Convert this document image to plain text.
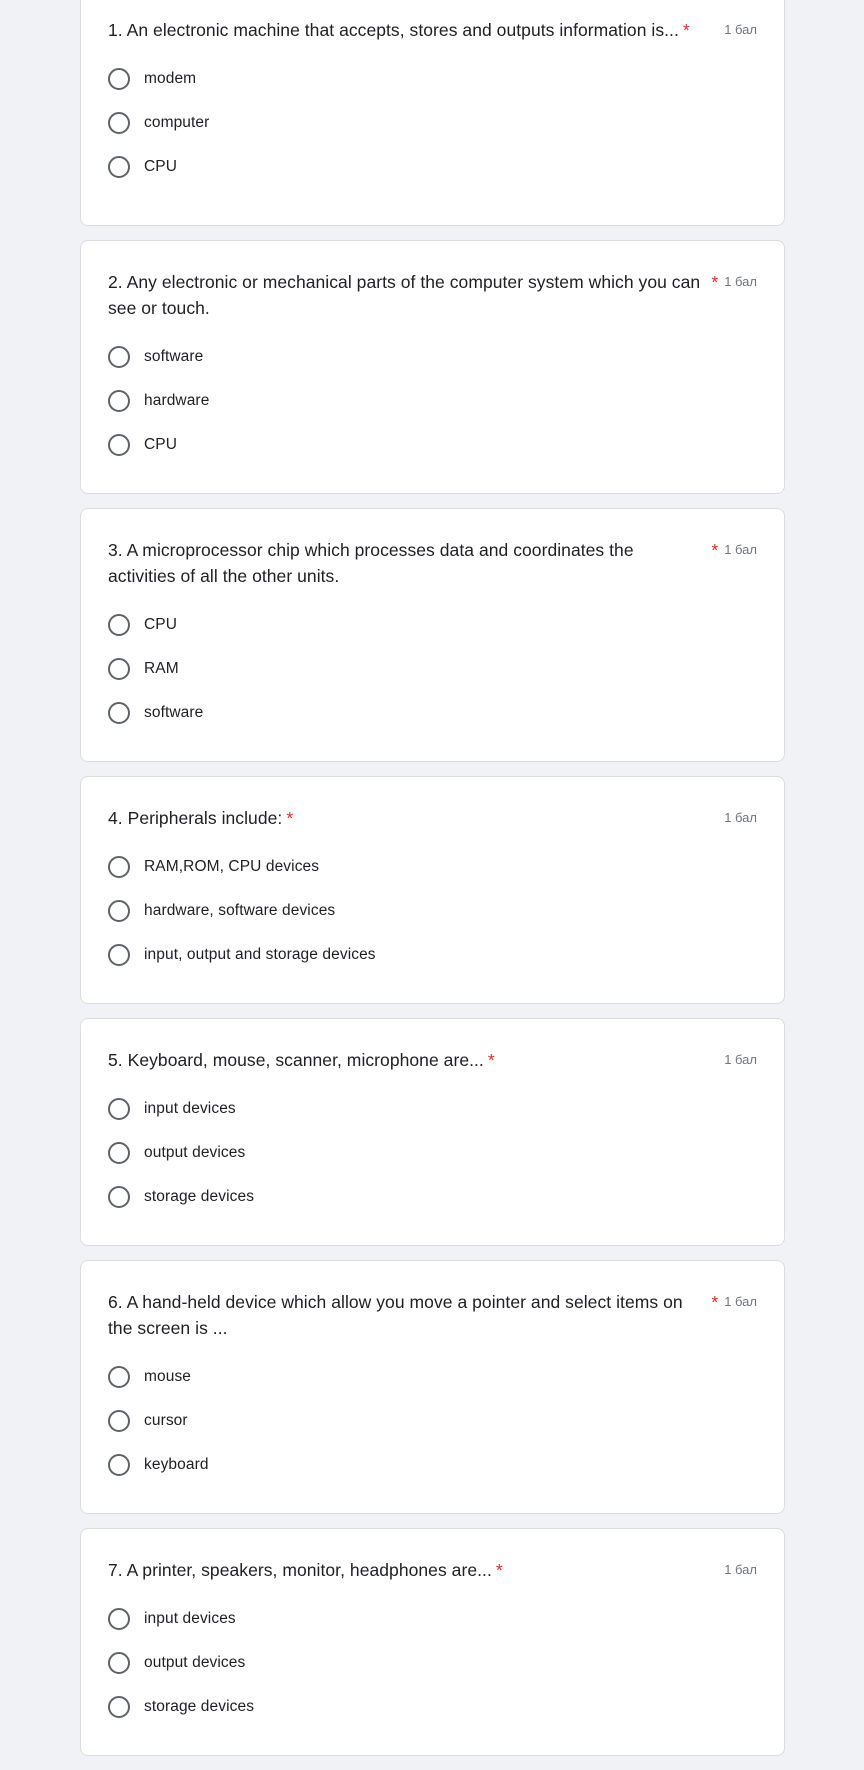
1. An electronic machine that accepts, stores and outputs information is... *	1 бал
modem
computer
CPU
2. Any electronic or mechanical parts of the computer system which you can see or touch.
* 1 бал
software
hardware
CPU
3. A microprocessor chip which processes data and coordinates the activities of all the other units.
* 1 бал
CPU
RAM
software
4. Peripherals include: *	1 бал
RAM,ROM, CPU devices
hardware, software devices
input, output and storage devices
5. Keyboard, mouse, scanner, microphone are... *	1 бал
input devices
output devices
storage devices
6. A hand-held device which allow you move a pointer and select items on the screen is ...
* 1 бал
mouse
cursor
keyboard
7. A printer, speakers, monitor, headphones are... *	1 бал
input devices
output devices
storage devices
